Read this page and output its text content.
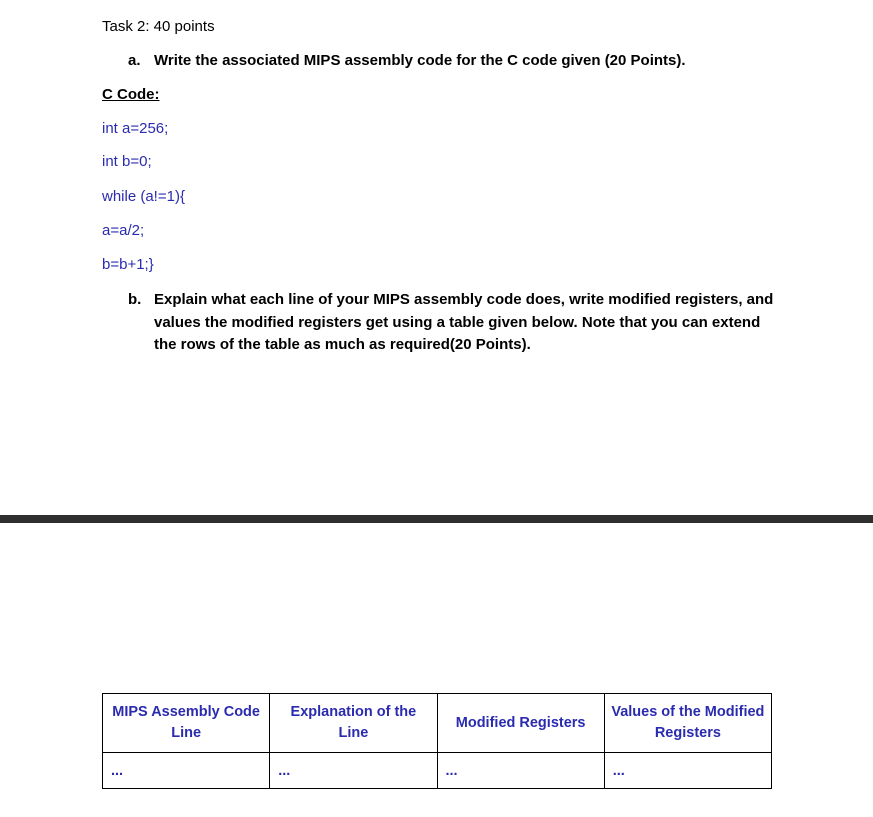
Task 2: 40 points
a. Write the associated MIPS assembly code for the C code given (20 Points).
C Code:
int a=256;
int b=0;
while (a!=1){
a=a/2;
b=b+1;}
b. Explain what each line of your MIPS assembly code does, write modified registers, and values the modified registers get using a table given below. Note that you can extend the rows of the table as much as required(20 Points).
MIPS Assembly Code Line	Explanation of the Line	Modified Registers	Values of the Modified Registers
...	...	...	...
